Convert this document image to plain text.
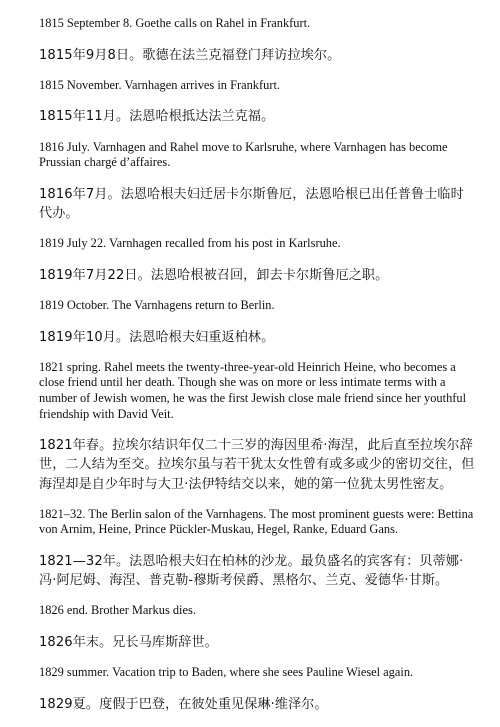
1815 September 8. Goethe calls on Rahel in Frankfurt.

1815年9月8日。歌德在法兰克福登门拜访拉埃尔。

1815 November. Varnhagen arrives in Frankfurt.

1815年11月。法恩哈根抵达法兰克福。

1816 July. Varnhagen and Rahel move to Karlsruhe, where Varnhagen has become Prussian chargé d’affaires.

1816年7月。法恩哈根夫妇迁居卡尔斯鲁厄，法恩哈根已出任普鲁士临时代办。

1819 July 22. Varnhagen recalled from his post in Karlsruhe.

1819年7月22日。法恩哈根被召回，卸去卡尔斯鲁厄之职。

1819 October. The Varnhagens return to Berlin.

1819年10月。法恩哈根夫妇重返柏林。

1821 spring. Rahel meets the twenty-three-year-old Heinrich Heine, who becomes a close friend until her death. Though she was on more or less intimate terms with a number of Jewish women, he was the first Jewish close male friend since her youthful friendship with David Veit.

1821年春。拉埃尔结识年仅二十三岁的海因里希·海涅，此后直至拉埃尔辞世，二人结为至交。拉埃尔虽与若干犹太女性曾有或多或少的密切交往，但海涅却是自少年时与大卫·法伊特结交以来，她的第一位犹太男性密友。

1821–32. The Berlin salon of the Varnhagens. The most prominent guests were: Bettina von Arnim, Heine, Prince Pückler-Muskau, Hegel, Ranke, Eduard Gans.

1821—32年。法恩哈根夫妇在柏林的沙龙。最负盛名的宾客有：贝蒂娜·冯·阿尼姆、海涅、普克勒-穆斯考侯爵、黑格尔、兰克、爱德华·甘斯。

1826 end. Brother Markus dies.

1826年末。兄长马库斯辞世。

1829 summer. Vacation trip to Baden, where she sees Pauline Wiesel again.

1829夏。度假于巴登，在彼处重见保琳·维泽尔。
